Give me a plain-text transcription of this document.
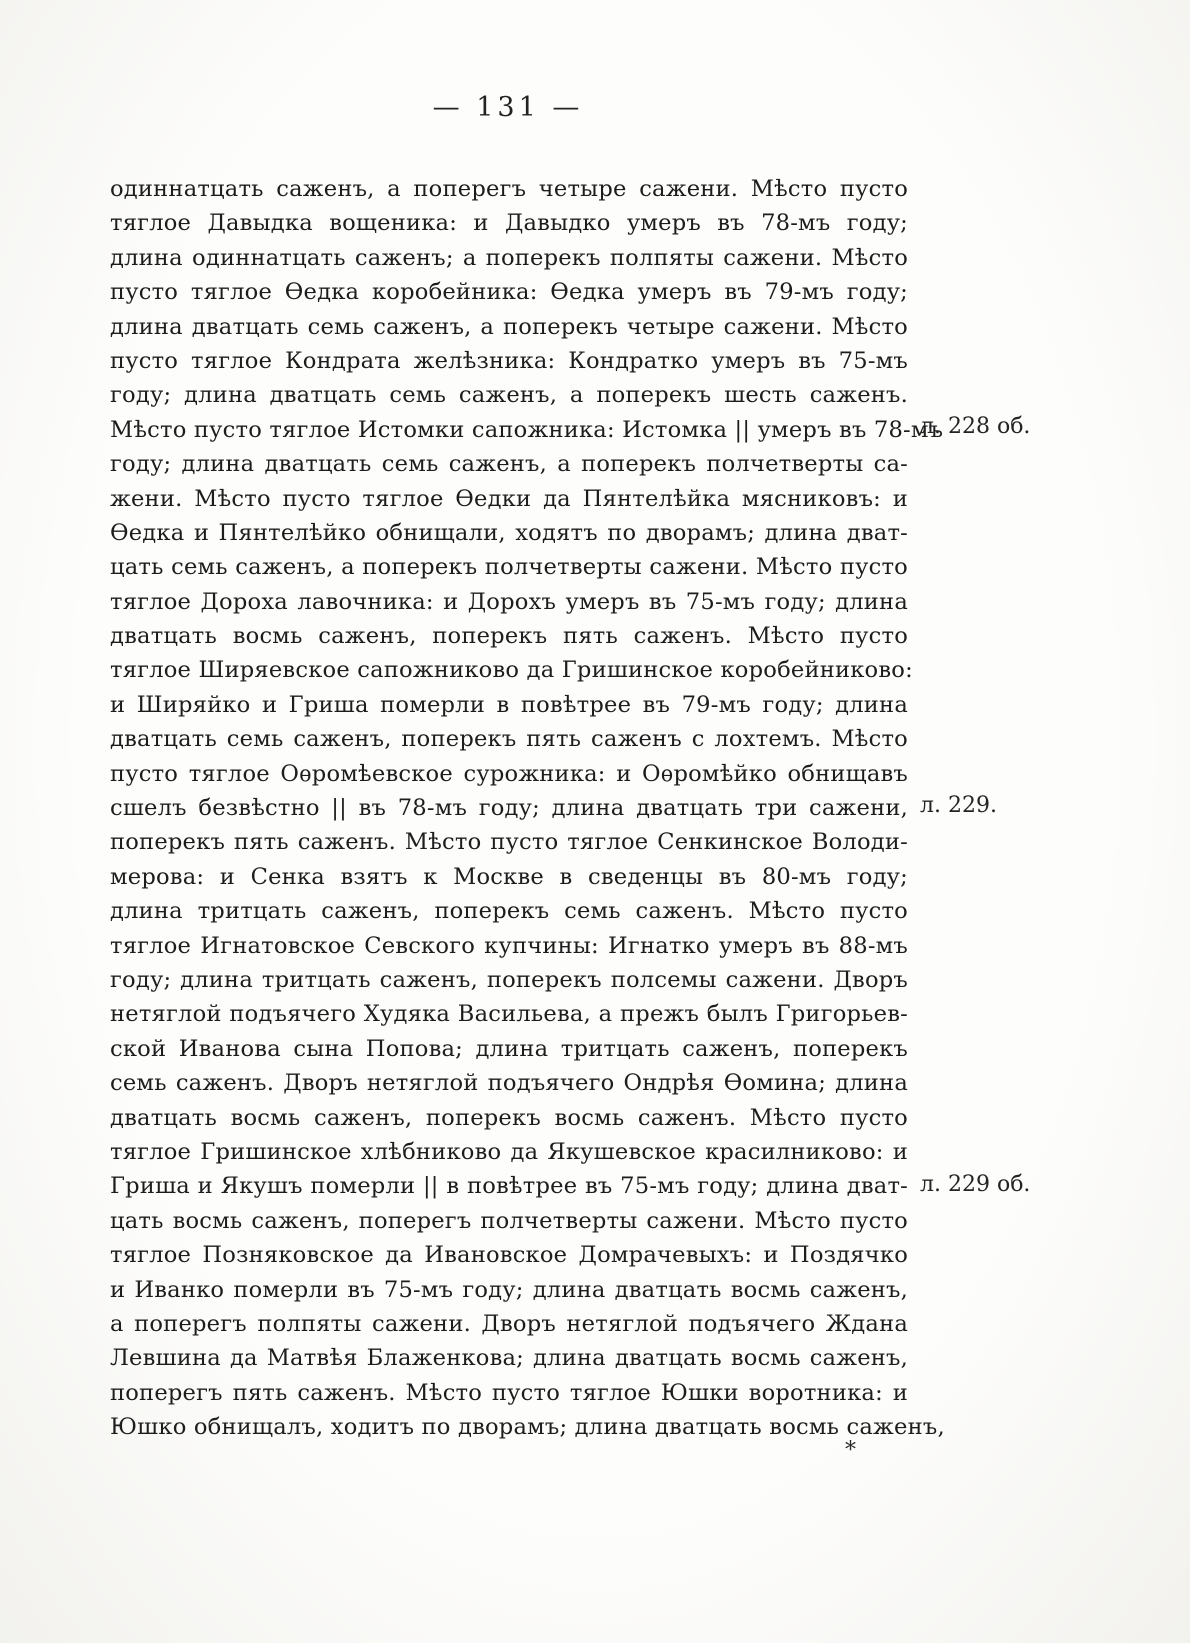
— 131 —
одиннатцать саженъ, а поперегъ четыре сажени. Мѣсто пусто
тяглое Давыдка вощеника: и Давыдко умеръ въ 78-мъ году;
длина одиннатцать саженъ; а поперекъ полпяты сажени. Мѣсто
пусто тяглое Ѳедка коробейника: Ѳедка умеръ въ 79-мъ году;
длина дватцать семь саженъ, а поперекъ четыре сажени. Мѣсто
пусто тяглое Кондрата желѣзника: Кондратко умеръ въ 75-мъ
году; длина дватцать семь саженъ, а поперекъ шесть саженъ.
Мѣсто пусто тяглое Истомки сапожника: Истомка || умеръ въ 78-мъ
году; длина дватцать семь саженъ, а поперекъ полчетверты са-
жени. Мѣсто пусто тяглое Ѳедки да Пянтелѣйка мясниковъ: и
Ѳедка и Пянтелѣйко обнищали, ходятъ по дворамъ; длина дват-
цать семь саженъ, а поперекъ полчетверты сажени. Мѣсто пусто
тяглое Дороха лавочника: и Дорохъ умеръ въ 75-мъ году; длина
дватцать восмь саженъ, поперекъ пять саженъ. Мѣсто пусто
тяглое Ширяевское сапожниково да Гришинское коробейниково:
и Ширяйко и Гриша померли в повѣтрее въ 79-мъ году; длина
дватцать семь саженъ, поперекъ пять саженъ с лохтемъ. Мѣсто
пусто тяглое Оѳромѣевское сурожника: и Оѳромѣйко обнищавъ
сшелъ безвѣстно || въ 78-мъ году; длина дватцать три сажени,
поперекъ пять саженъ. Мѣсто пусто тяглое Сенкинское Володи-
мерова: и Сенка взятъ к Москве в сведенцы въ 80-мъ году;
длина тритцать саженъ, поперекъ семь саженъ. Мѣсто пусто
тяглое Игнатовское Севского купчины: Игнатко умеръ въ 88-мъ
году; длина тритцать саженъ, поперекъ полсемы сажени. Дворъ
нетяглой подъячего Худяка Васильева, а прежъ былъ Григорьев-
ской Иванова сына Попова; длина тритцать саженъ, поперекъ
семь саженъ. Дворъ нетяглой подъячего Ондрѣя Ѳомина; длина
дватцать восмь саженъ, поперекъ восмь саженъ. Мѣсто пусто
тяглое Гришинское хлѣбниково да Якушевское красилниково: и
Гриша и Якушъ померли || в повѣтрее въ 75-мъ году; длина дват-
цать восмь саженъ, поперегъ полчетверты сажени. Мѣсто пусто
тяглое Позняковское да Ивановское Домрачевыхъ: и Поздячко
и Иванко померли въ 75-мъ году; длина дватцать восмь саженъ,
а поперегъ полпяты сажени. Дворъ нетяглой подъячего Ждана
Левшина да Матвѣя Блаженкова; длина дватцать восмь саженъ,
поперегъ пять саженъ. Мѣсто пусто тяглое Юшки воротника: и
Юшко обнищалъ, ходитъ по дворамъ; длина дватцать восмь саженъ,
л. 228 об.
л. 229.
л. 229 об.
*
